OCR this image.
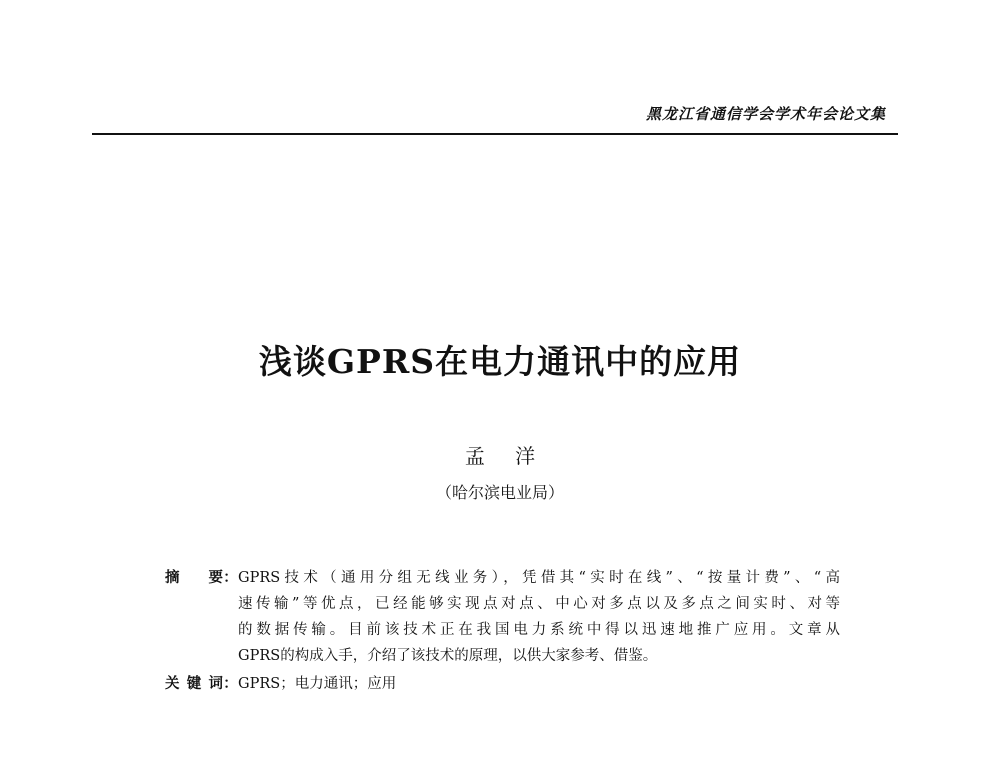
黑龙江省通信学会学术年会论文集
浅谈GPRS在电力通讯中的应用
孟 洋
（哈尔滨电业局）
摘　要： GPRS技术（通用分组无线业务），凭借其“实时在线”、“按量计费”、“高
速传输”等优点，已经能够实现点对点、中心对多点以及多点之间实时、对等
的数据传输。目前该技术正在我国电力系统中得以迅速地推广应用。文章从
GPRS的构成入手，介绍了该技术的原理，以供大家参考、借鉴。
关键词： GPRS；电力通讯；应用
